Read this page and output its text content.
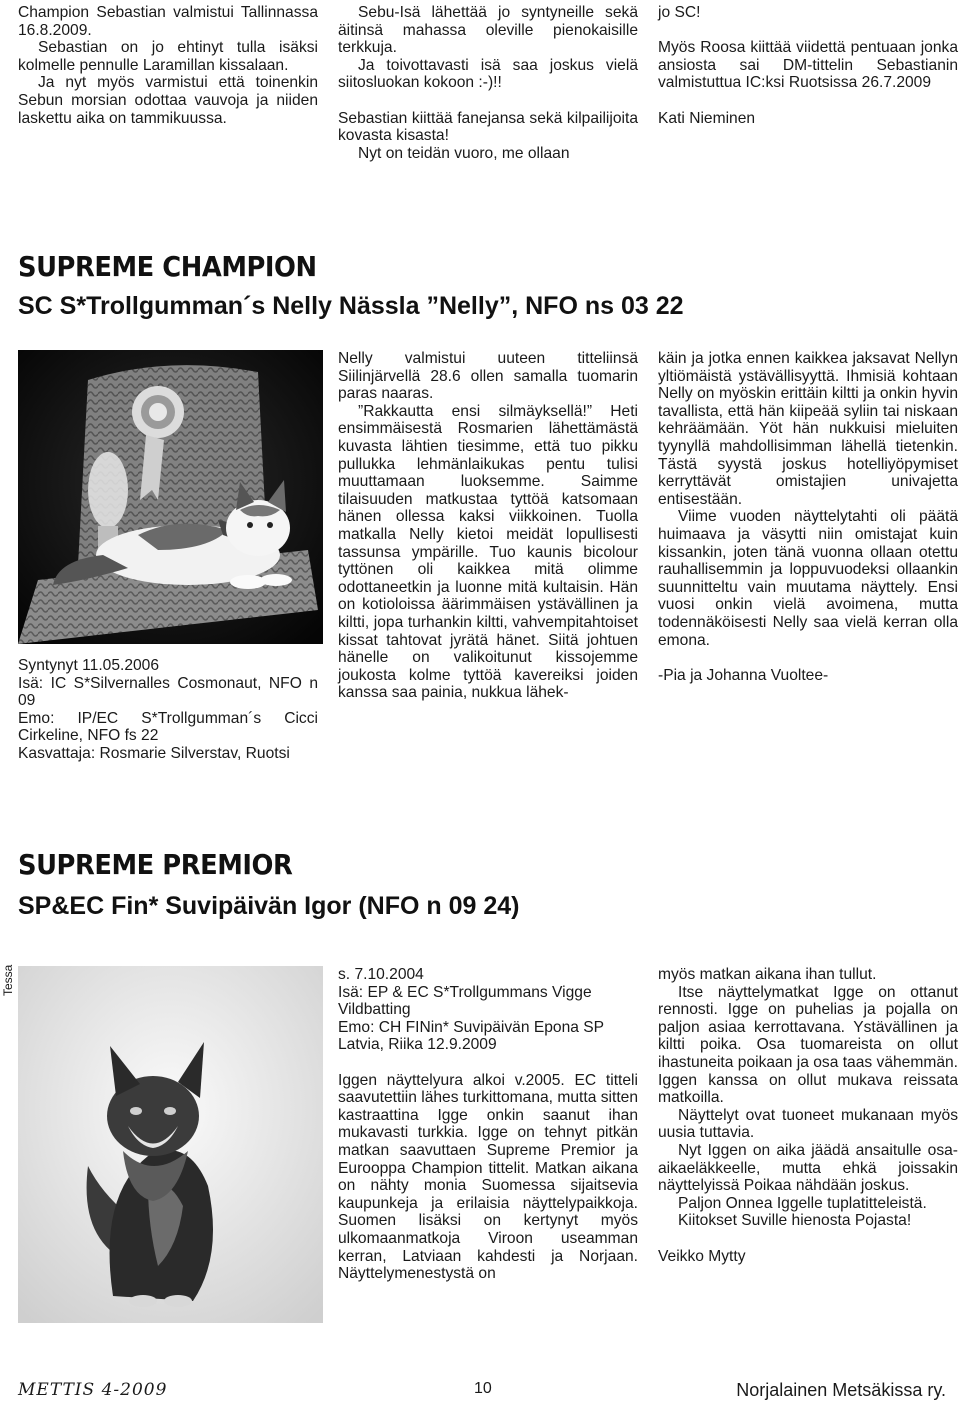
Champion Sebastian valmistui Tallinnassa 16.8.2009.

Sebastian on jo ehtinyt tulla isäksi kolmelle pennulle Laramillan kissalaan.

Ja nyt myös varmistui että toinenkin Sebun morsian odottaa vauvoja ja niiden laskettu aika on tammikuussa.

Sebu-Isä lähettää jo syntyneille sekä äitinsä mahassa oleville pienokaisille terkkuja.

Ja toivottavasti isä saa joskus vielä siitosluokan kokoon :-)!!

Sebastian kiittää fanejansa sekä kilpailijoita kovasta kisasta!

Nyt on teidän vuoro, me ollaan

jo SC!

Myös Roosa kiittää viidettä pentuaan jonka ansiosta sai DM-tittelin Sebastianin valmistuttua IC:ksi Ruotsissa 26.7.2009

Kati Nieminen

SUPREME CHAMPION
SC S*Trollgumman´s Nelly Nässla ”Nelly”, NFO ns 03 22

Syntynyt 11.05.2006

Isä: IC S*Silvernalles Cosmonaut, NFO n 09

Emo: IP/EC S*Trollgumman´s Cicci Cirkeline, NFO fs 22

Kasvattaja: Rosmarie Silverstav, Ruotsi

Nelly valmistui uuteen titteliinsä Siilinjärvellä 28.6 ollen samalla tuomarin paras naaras.

”Rakkautta ensi silmäyksellä!” Heti ensimmäisestä Rosmarien lähettämästä kuvasta lähtien tiesimme, että tuo pikku pullukka lehmänlaikukas pentu tulisi muuttamaan luoksemme. Saimme tilaisuuden matkustaa tyttöä katsomaan hänen ollessa kaksi viikkoinen. Tuolla matkalla Nelly kietoi meidät lopullisesti tassunsa ympärille. Tuo kaunis bicolour tyttönen oli kaikkea mitä olimme odottaneetkin ja luonne mitä kultaisin. Hän on kotioloissa äärimmäisen ystävällinen ja kiltti, jopa turhankin kiltti, vahvempitahtoiset kissat tahtovat jyrätä hänet. Siitä johtuen hänelle on valikoitunut kissojemme joukosta kolme tyttöä kavereiksi joiden kanssa saa painia, nukkua lähek-

käin ja jotka ennen kaikkea jaksavat Nellyn yltiömäistä ystävällisyyttä. Ihmisiä kohtaan Nelly on myöskin erittäin kiltti ja onkin hyvin tavallista, että hän kiipeää syliin tai niskaan kehräämään. Yöt hän nukkuisi mieluiten tyynyllä mahdollisimman lähellä tietenkin. Tästä syystä joskus hotelliyöpymiset kerryttävät omistajien univajetta entisestään.

Viime vuoden näyttelytahti oli päätä huimaava ja väsytti niin omistajat kuin kissankin, joten tänä vuonna ollaan otettu rauhallisemmin ja loppuvuodeksi ollaankin suunnitteltu vain muutama näyttely. Ensi vuosi onkin vielä avoimena, mutta todennäköisesti Nelly saa vielä kerran olla emona.

-Pia ja Johanna Vuoltee-

SUPREME PREMIOR
SP&EC Fin* Suvipäivän Igor (NFO n 09 24)
Tessa	s. 7.10.2004

Isä: EP & EC S*Trollgummans Vigge Vildbatting

Emo: CH FINin* Suvipäivän Epona SP Latvia, Riika 12.9.2009

Iggen näyttelyura alkoi v.2005. EC titteli saavutettiin lähes turkittomana, mutta sitten kastraattina Igge onkin saanut ihan mukavasti turkkia. Igge on tehnyt pitkän matkan saavuttaen Supreme Premior ja Eurooppa Champion tittelit. Matkan aikana on nähty monia Suomessa sijaitsevia kaupunkeja ja erilaisia näyttelypaikkoja. Suomen lisäksi on kertynyt myös ulkomaanmatkoja Viroon useamman kerran, Latviaan kahdesti ja Norjaan. Näyttelymenestystä on

myös matkan aikana ihan tullut.

Itse näyttelymatkat Igge on ottanut rennosti. Igge on puhelias ja pojalla on paljon asiaa kerrottavana. Ystävällinen ja kiltti poika. Osa tuomareista on ollut ihastuneita poikaan ja osa taas vähemmän. Iggen kanssa on ollut mukava reissata matkoilla.

Näyttelyt ovat tuoneet mukanaan myös uusia tuttavia.

Nyt Iggen on aika jäädä ansaitulle osa-aikaeläkkeelle, mutta ehkä joissakin näyttelyissä Poikaa nähdään joskus.

Paljon Onnea Iggelle tuplatitteleistä.

Kiitokset Suville hienosta Pojasta!

Veikko Mytty

METTIS 4-2009	10	Norjalainen Metsäkissa ry.
